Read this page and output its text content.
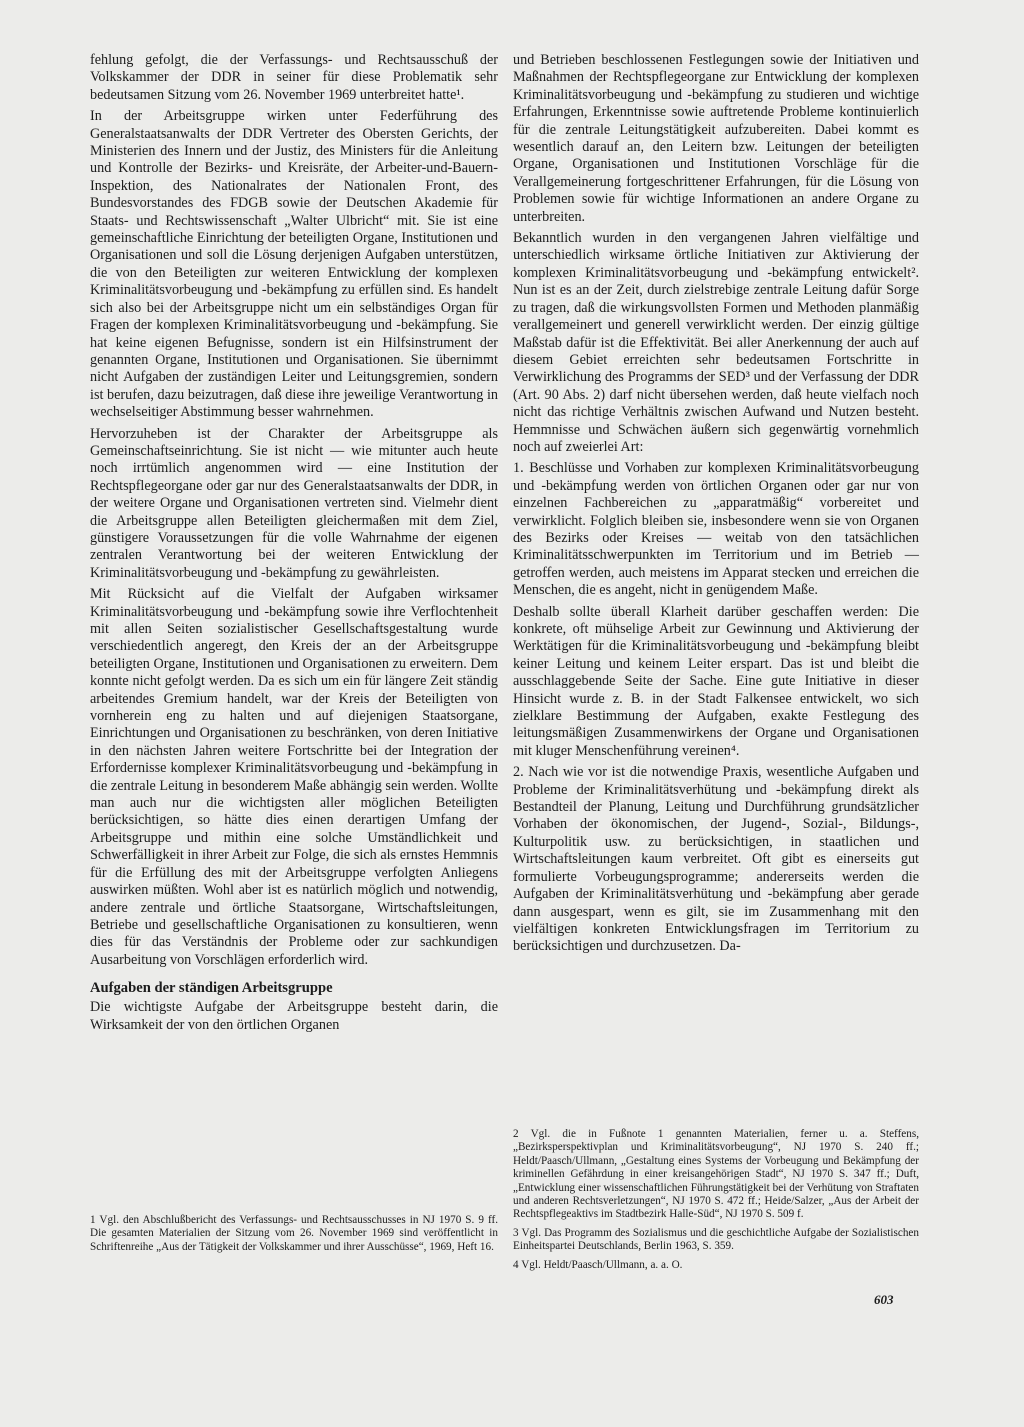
fehlung gefolgt, die der Verfassungs- und Rechtsausschuß der Volkskammer der DDR in seiner für diese Problematik sehr bedeutsamen Sitzung vom 26. November 1969 unterbreitet hatte¹.

In der Arbeitsgruppe wirken unter Federführung des Generalstaatsanwalts der DDR Vertreter des Obersten Gerichts, der Ministerien des Innern und der Justiz, des Ministers für die Anleitung und Kontrolle der Bezirks- und Kreisräte, der Arbeiter-und-Bauern-Inspektion, des Nationalrates der Nationalen Front, des Bundesvorstandes des FDGB sowie der Deutschen Akademie für Staats- und Rechtswissenschaft „Walter Ulbricht“ mit. Sie ist eine gemeinschaftliche Einrichtung der beteiligten Organe, Institutionen und Organisationen und soll die Lösung derjenigen Aufgaben unterstützen, die von den Beteiligten zur weiteren Entwicklung der komplexen Kriminalitätsvorbeugung und -bekämpfung zu erfüllen sind. Es handelt sich also bei der Arbeitsgruppe nicht um ein selbständiges Organ für Fragen der komplexen Kriminalitätsvorbeugung und -bekämpfung. Sie hat keine eigenen Befugnisse, sondern ist ein Hilfsinstrument der genannten Organe, Institutionen und Organisationen. Sie übernimmt nicht Aufgaben der zuständigen Leiter und Leitungsgremien, sondern ist berufen, dazu beizutragen, daß diese ihre jeweilige Verantwortung in wechselseitiger Abstimmung besser wahrnehmen.

Hervorzuheben ist der Charakter der Arbeitsgruppe als Gemeinschaftseinrichtung. Sie ist nicht — wie mitunter auch heute noch irrtümlich angenommen wird — eine Institution der Rechtspflegeorgane oder gar nur des Generalstaatsanwalts der DDR, in der weitere Organe und Organisationen vertreten sind. Vielmehr dient die Arbeitsgruppe allen Beteiligten gleichermaßen mit dem Ziel, günstigere Voraussetzungen für die volle Wahrnahme der eigenen zentralen Verantwortung bei der weiteren Entwicklung der Kriminalitätsvorbeugung und -bekämpfung zu gewährleisten.

Mit Rücksicht auf die Vielfalt der Aufgaben wirksamer Kriminalitätsvorbeugung und -bekämpfung sowie ihre Verflochtenheit mit allen Seiten sozialistischer Gesellschaftsgestaltung wurde verschiedentlich angeregt, den Kreis der an der Arbeitsgruppe beteiligten Organe, Institutionen und Organisationen zu erweitern. Dem konnte nicht gefolgt werden. Da es sich um ein für längere Zeit ständig arbeitendes Gremium handelt, war der Kreis der Beteiligten von vornherein eng zu halten und auf diejenigen Staatsorgane, Einrichtungen und Organisationen zu beschränken, von deren Initiative in den nächsten Jahren weitere Fortschritte bei der Integration der Erfordernisse komplexer Kriminalitätsvorbeugung und -bekämpfung in die zentrale Leitung in besonderem Maße abhängig sein werden. Wollte man auch nur die wichtigsten aller möglichen Beteiligten berücksichtigen, so hätte dies einen derartigen Umfang der Arbeitsgruppe und mithin eine solche Umständlichkeit und Schwerfälligkeit in ihrer Arbeit zur Folge, die sich als ernstes Hemmnis für die Erfüllung des mit der Arbeitsgruppe verfolgten Anliegens auswirken müßten. Wohl aber ist es natürlich möglich und notwendig, andere zentrale und örtliche Staatsorgane, Wirtschaftsleitungen, Betriebe und gesellschaftliche Organisationen zu konsultieren, wenn dies für das Verständnis der Probleme oder zur sachkundigen Ausarbeitung von Vorschlägen erforderlich wird.

Aufgaben der ständigen Arbeitsgruppe

Die wichtigste Aufgabe der Arbeitsgruppe besteht darin, die Wirksamkeit der von den örtlichen Organen

und Betrieben beschlossenen Festlegungen sowie der Initiativen und Maßnahmen der Rechtspflegeorgane zur Entwicklung der komplexen Kriminalitätsvorbeugung und -bekämpfung zu studieren und wichtige Erfahrungen, Erkenntnisse sowie auftretende Probleme kontinuierlich für die zentrale Leitungstätigkeit aufzubereiten. Dabei kommt es wesentlich darauf an, den Leitern bzw. Leitungen der beteiligten Organe, Organisationen und Institutionen Vorschläge für die Verallgemeinerung fortgeschrittener Erfahrungen, für die Lösung von Problemen sowie für wichtige Informationen an andere Organe zu unterbreiten.

Bekanntlich wurden in den vergangenen Jahren vielfältige und unterschiedlich wirksame örtliche Initiativen zur Aktivierung der komplexen Kriminalitätsvorbeugung und -bekämpfung entwickelt². Nun ist es an der Zeit, durch zielstrebige zentrale Leitung dafür Sorge zu tragen, daß die wirkungsvollsten Formen und Methoden planmäßig verallgemeinert und generell verwirklicht werden. Der einzig gültige Maßstab dafür ist die Effektivität. Bei aller Anerkennung der auch auf diesem Gebiet erreichten sehr bedeutsamen Fortschritte in Verwirklichung des Programms der SED³ und der Verfassung der DDR (Art. 90 Abs. 2) darf nicht übersehen werden, daß heute vielfach noch nicht das richtige Verhältnis zwischen Aufwand und Nutzen besteht. Hemmnisse und Schwächen äußern sich gegenwärtig vornehmlich noch auf zweierlei Art:

1. Beschlüsse und Vorhaben zur komplexen Kriminalitätsvorbeugung und -bekämpfung werden von örtlichen Organen oder gar nur von einzelnen Fachbereichen zu „apparatmäßig“ vorbereitet und verwirklicht. Folglich bleiben sie, insbesondere wenn sie von Organen des Bezirks oder Kreises — weitab von den tatsächlichen Kriminalitätsschwerpunkten im Territorium und im Betrieb — getroffen werden, auch meistens im Apparat stecken und erreichen die Menschen, die es angeht, nicht in genügendem Maße.

Deshalb sollte überall Klarheit darüber geschaffen werden: Die konkrete, oft mühselige Arbeit zur Gewinnung und Aktivierung der Werktätigen für die Kriminalitätsvorbeugung und -bekämpfung bleibt keiner Leitung und keinem Leiter erspart. Das ist und bleibt die ausschlaggebende Seite der Sache. Eine gute Initiative in dieser Hinsicht wurde z. B. in der Stadt Falkensee entwickelt, wo sich zielklare Bestimmung der Aufgaben, exakte Festlegung des leitungsmäßigen Zusammenwirkens der Organe und Organisationen mit kluger Menschenführung vereinen⁴.

2. Nach wie vor ist die notwendige Praxis, wesentliche Aufgaben und Probleme der Kriminalitätsverhütung und -bekämpfung direkt als Bestandteil der Planung, Leitung und Durchführung grundsätzlicher Vorhaben der ökonomischen, der Jugend-, Sozial-, Bildungs-, Kulturpolitik usw. zu berücksichtigen, in staatlichen und Wirtschaftsleitungen kaum verbreitet. Oft gibt es einerseits gut formulierte Vorbeugungsprogramme; andererseits werden die Aufgaben der Kriminalitätsverhütung und -bekämpfung aber gerade dann ausgespart, wenn es gilt, sie im Zusammenhang mit den vielfältigen konkreten Entwicklungsfragen im Territorium zu berücksichtigen und durchzusetzen. Da-

1 Vgl. den Abschlußbericht des Verfassungs- und Rechtsausschusses in NJ 1970 S. 9 ff. Die gesamten Materialien der Sitzung vom 26. November 1969 sind veröffentlicht in Schriftenreihe „Aus der Tätigkeit der Volkskammer und ihrer Ausschüsse“, 1969, Heft 16.

2 Vgl. die in Fußnote 1 genannten Materialien, ferner u. a. Steffens, „Bezirksperspektivplan und Kriminalitätsvorbeugung“, NJ 1970 S. 240 ff.; Heldt/Paasch/Ullmann, „Gestaltung eines Systems der Vorbeugung und Bekämpfung der kriminellen Gefährdung in einer kreisangehörigen Stadt“, NJ 1970 S. 347 ff.; Duft, „Entwicklung einer wissenschaftlichen Führungstätigkeit bei der Verhütung von Straftaten und anderen Rechtsverletzungen“, NJ 1970 S. 472 ff.; Heide/Salzer, „Aus der Arbeit der Rechtspflegeaktivs im Stadtbezirk Halle-Süd“, NJ 1970 S. 509 f.

3 Vgl. Das Programm des Sozialismus und die geschichtliche Aufgabe der Sozialistischen Einheitspartei Deutschlands, Berlin 1963, S. 359.

4 Vgl. Heldt/Paasch/Ullmann, a. a. O.

603
